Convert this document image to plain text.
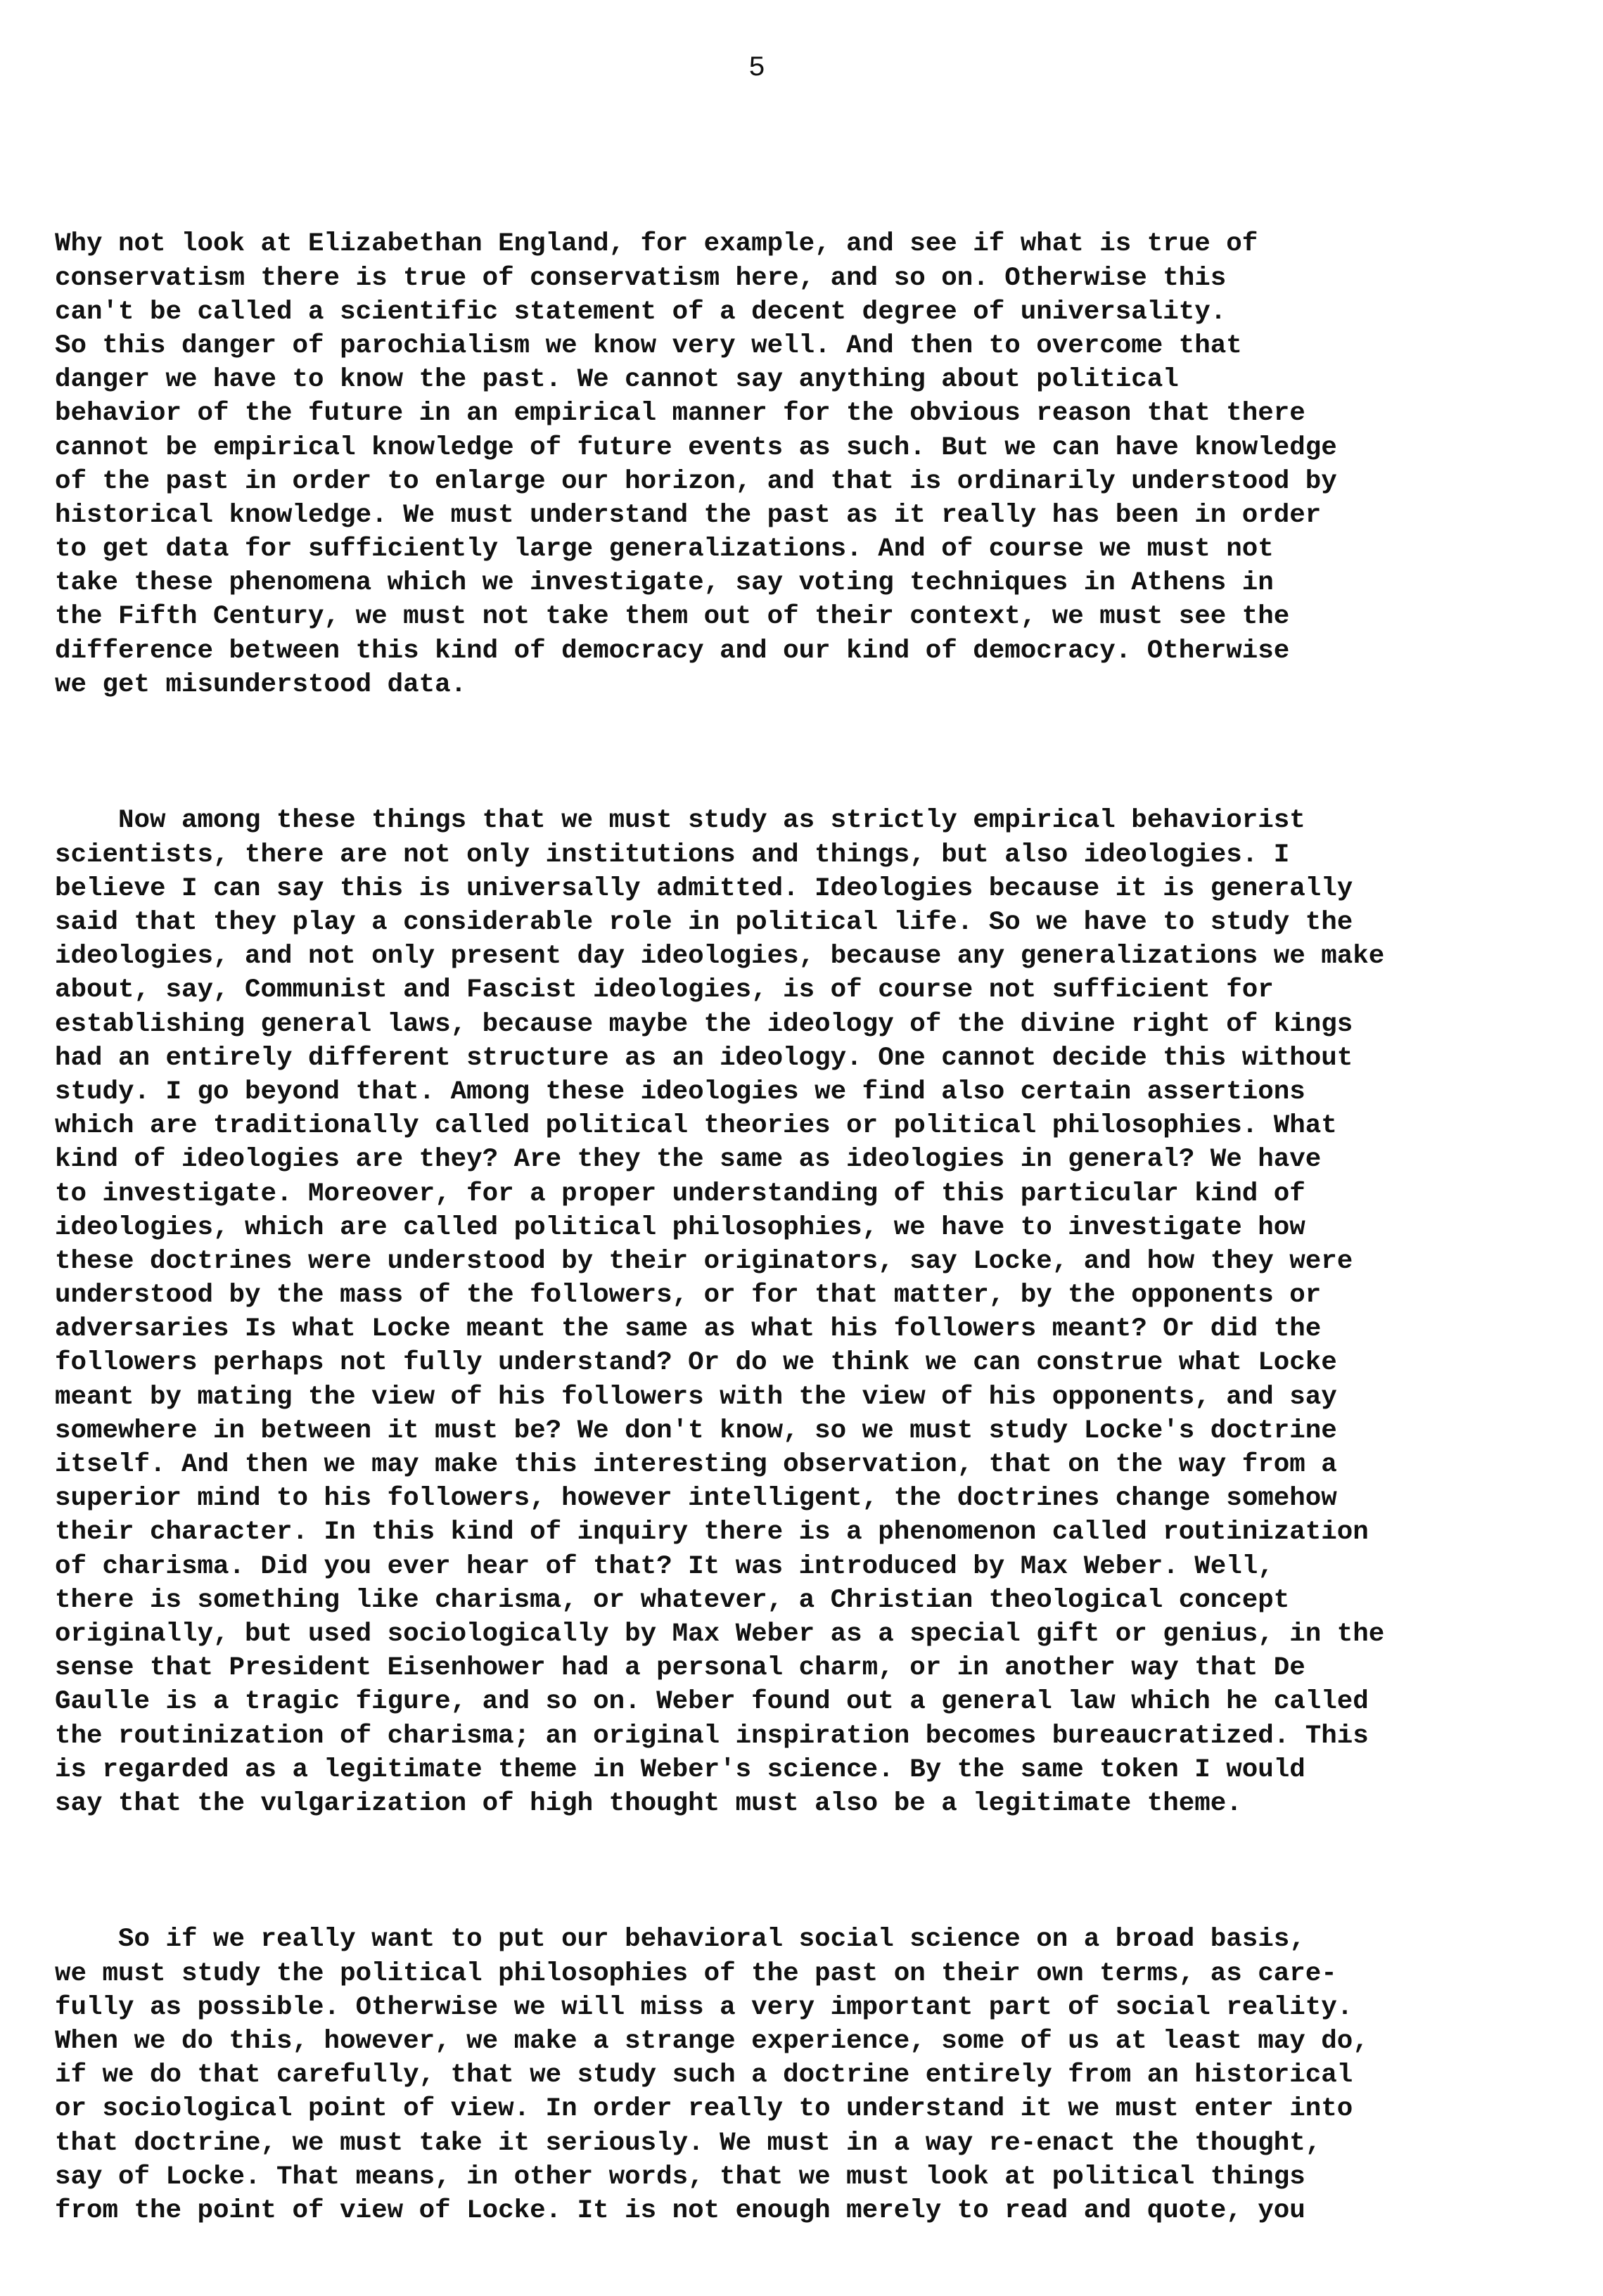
5

Why not look at Elizabethan England, for example, and see if what is true of
conservatism there is true of conservatism here, and so on. Otherwise this
can't be called a scientific statement of a decent degree of universality.
So this danger of parochialism we know very well. And then to overcome that
danger we have to know the past. We cannot say anything about political
behavior of the future in an empirical manner for the obvious reason that there
cannot be empirical knowledge of future events as such. But we can have knowledge
of the past in order to enlarge our horizon, and that is ordinarily understood by
historical knowledge. We must understand the past as it really has been in order
to get data for sufficiently large generalizations. And of course we must not
take these phenomena which we investigate, say voting techniques in Athens in
the Fifth Century, we must not take them out of their context, we must see the
difference between this kind of democracy and our kind of democracy. Otherwise
we get misunderstood data.

Now among these things that we must study as strictly empirical behaviorist
scientists, there are not only institutions and things, but also ideologies. I
believe I can say this is universally admitted. Ideologies because it is generally
said that they play a considerable role in political life. So we have to study the
ideologies, and not only present day ideologies, because any generalizations we make
about, say, Communist and Fascist ideologies, is of course not sufficient for
establishing general laws, because maybe the ideology of the divine right of kings
had an entirely different structure as an ideology. One cannot decide this without
study. I go beyond that. Among these ideologies we find also certain assertions
which are traditionally called political theories or political philosophies. What
kind of ideologies are they? Are they the same as ideologies in general? We have
to investigate. Moreover, for a proper understanding of this particular kind of
ideologies, which are called political philosophies, we have to investigate how
these doctrines were understood by their originators, say Locke, and how they were
understood by the mass of the followers, or for that matter, by the opponents or
adversaries Is what Locke meant the same as what his followers meant? Or did the
followers perhaps not fully understand? Or do we think we can construe what Locke
meant by mating the view of his followers with the view of his opponents, and say
somewhere in between it must be? We don't know, so we must study Locke's doctrine
itself. And then we may make this interesting observation, that on the way from a
superior mind to his followers, however intelligent, the doctrines change somehow
their character. In this kind of inquiry there is a phenomenon called routinization
of charisma. Did you ever hear of that? It was introduced by Max Weber. Well,
there is something like charisma, or whatever, a Christian theological concept
originally, but used sociologically by Max Weber as a special gift or genius, in the
sense that President Eisenhower had a personal charm, or in another way that De
Gaulle is a tragic figure, and so on. Weber found out a general law which he called
the routinization of charisma; an original inspiration becomes bureaucratized. This
is regarded as a legitimate theme in Weber's science. By the same token I would
say that the vulgarization of high thought must also be a legitimate theme.

So if we really want to put our behavioral social science on a broad basis,
we must study the political philosophies of the past on their own terms, as care-
fully as possible. Otherwise we will miss a very important part of social reality.
When we do this, however, we make a strange experience, some of us at least may do,
if we do that carefully, that we study such a doctrine entirely from an historical
or sociological point of view. In order really to understand it we must enter into
that doctrine, we must take it seriously. We must in a way re-enact the thought,
say of Locke. That means, in other words, that we must look at political things
from the point of view of Locke. It is not enough merely to read and quote, you
